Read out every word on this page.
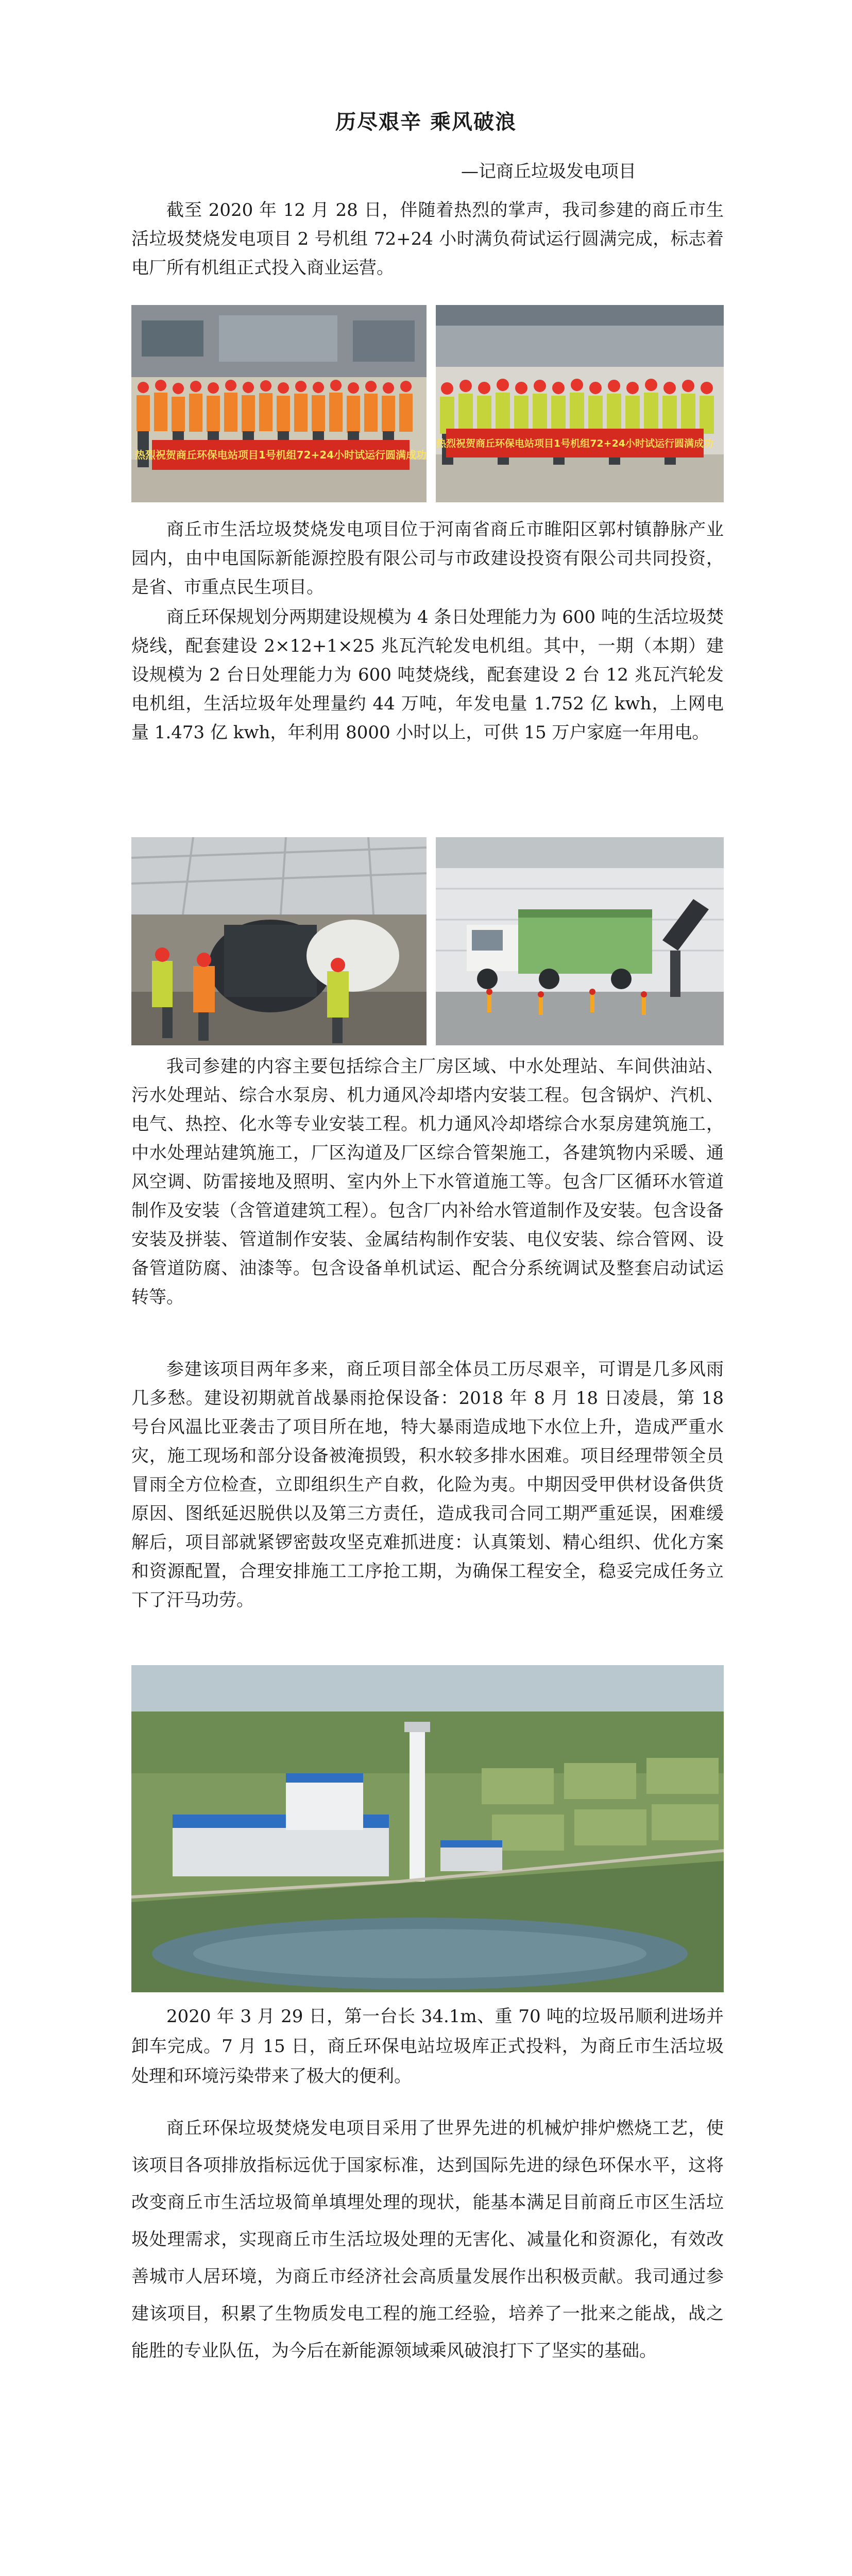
历尽艰辛 乘风破浪
—记商丘垃圾发电项目

截至 2020 年 12 月 28 日，伴随着热烈的掌声，我司参建的商丘市生活垃圾焚烧发电项目 2 号机组 72+24 小时满负荷试运行圆满完成，标志着电厂所有机组正式投入商业运营。

热烈祝贺商丘环保电站项目1号机组72+24小时试运行圆满成功
热烈祝贺商丘环保电站项目1号机组72+24小时试运行圆满成功

商丘市生活垃圾焚烧发电项目位于河南省商丘市睢阳区郭村镇静脉产业园内，由中电国际新能源控股有限公司与市政建设投资有限公司共同投资，是省、市重点民生项目。

商丘环保规划分两期建设规模为 4 条日处理能力为 600 吨的生活垃圾焚烧线，配套建设 2×12+1×25 兆瓦汽轮发电机组。其中，一期（本期）建设规模为 2 台日处理能力为 600 吨焚烧线，配套建设 2 台 12 兆瓦汽轮发电机组，生活垃圾年处理量约 44 万吨，年发电量 1.752 亿 kwh，上网电量 1.473 亿 kwh，年利用 8000 小时以上，可供 15 万户家庭一年用电。

我司参建的内容主要包括综合主厂房区域、中水处理站、车间供油站、污水处理站、综合水泵房、机力通风冷却塔内安装工程。包含锅炉、汽机、电气、热控、化水等专业安装工程。机力通风冷却塔综合水泵房建筑施工，中水处理站建筑施工，厂区沟道及厂区综合管架施工，各建筑物内采暖、通风空调、防雷接地及照明、室内外上下水管道施工等。包含厂区循环水管道制作及安装（含管道建筑工程）。包含厂内补给水管道制作及安装。包含设备安装及拼装、管道制作安装、金属结构制作安装、电仪安装、综合管网、设备管道防腐、油漆等。包含设备单机试运、配合分系统调试及整套启动试运转等。

参建该项目两年多来，商丘项目部全体员工历尽艰辛，可谓是几多风雨几多愁。建设初期就首战暴雨抢保设备：2018 年 8 月 18 日凌晨，第 18 号台风温比亚袭击了项目所在地，特大暴雨造成地下水位上升，造成严重水灾，施工现场和部分设备被淹损毁，积水较多排水困难。项目经理带领全员冒雨全方位检查，立即组织生产自救，化险为夷。中期因受甲供材设备供货原因、图纸延迟脱供以及第三方责任，造成我司合同工期严重延误，困难缓解后，项目部就紧锣密鼓攻坚克难抓进度：认真策划、精心组织、优化方案和资源配置，合理安排施工工序抢工期，为确保工程安全，稳妥完成任务立下了汗马功劳。

2020 年 3 月 29 日，第一台长 34.1m、重 70 吨的垃圾吊顺利进场并卸车完成。7 月 15 日，商丘环保电站垃圾库正式投料，为商丘市生活垃圾处理和环境污染带来了极大的便利。

商丘环保垃圾焚烧发电项目采用了世界先进的机械炉排炉燃烧工艺，使该项目各项排放指标远优于国家标准，达到国际先进的绿色环保水平，这将改变商丘市生活垃圾简单填埋处理的现状，能基本满足目前商丘市区生活垃圾处理需求，实现商丘市生活垃圾处理的无害化、减量化和资源化，有效改善城市人居环境，为商丘市经济社会高质量发展作出积极贡献。我司通过参建该项目，积累了生物质发电工程的施工经验，培养了一批来之能战，战之能胜的专业队伍，为今后在新能源领域乘风破浪打下了坚实的基础。
